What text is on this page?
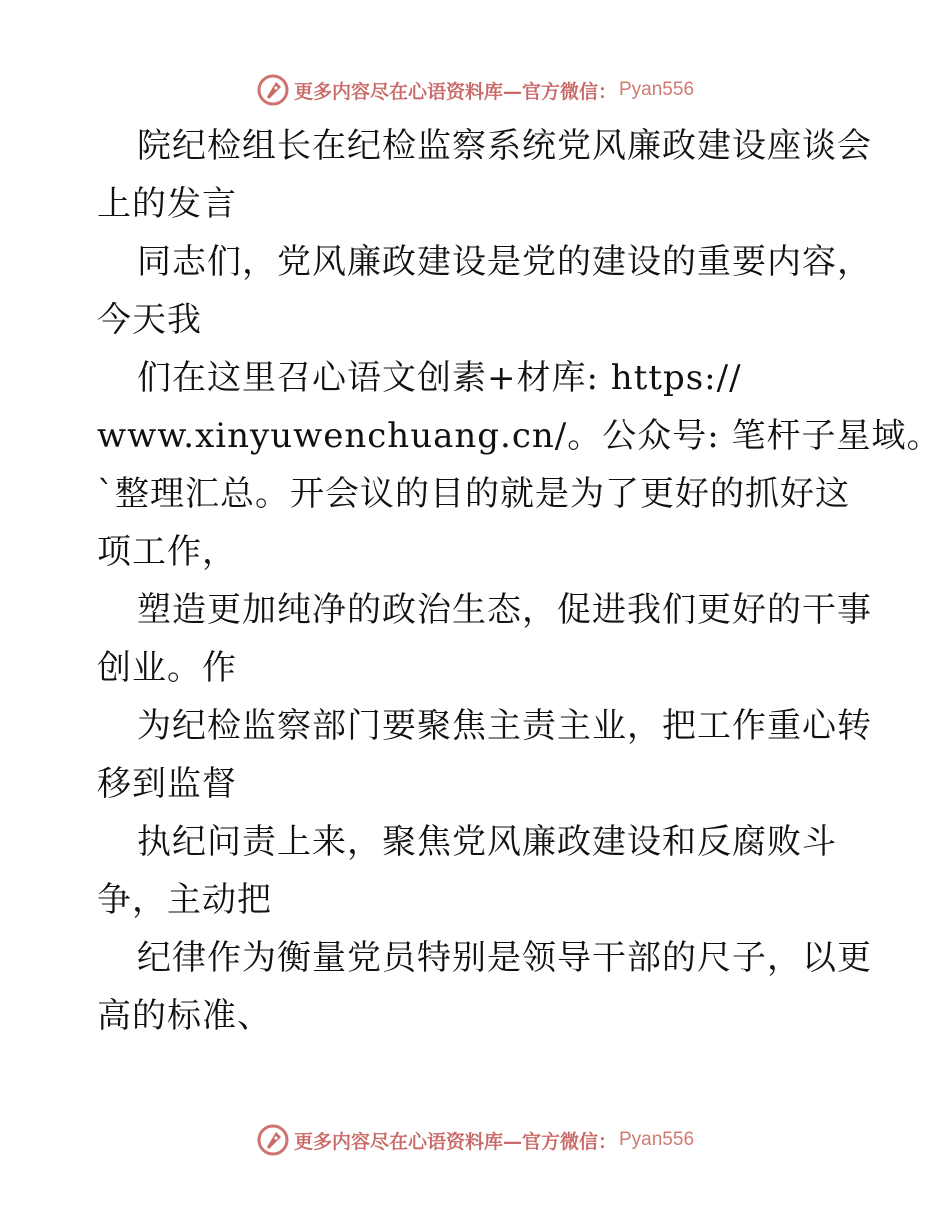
更多内容尽在心语资料库—官方微信： Pyan556
院纪检组长在纪检监察系统党风廉政建设座谈会
上的发言
同志们，党风廉政建设是党的建设的重要内容，
今天我
们在这里召心语文创素+材库: https://
www.xinyuwenchuang.cn/。公众号: 笔杆子星域。
`整理汇总。开会议的目的就是为了更好的抓好这
项工作，
塑造更加纯净的政治生态，促进我们更好的干事
创业。作
为纪检监察部门要聚焦主责主业，把工作重心转
移到监督
执纪问责上来，聚焦党风廉政建设和反腐败斗
争，主动把
纪律作为衡量党员特别是领导干部的尺子，以更
高的标准、
更多内容尽在心语资料库—官方微信： Pyan556
